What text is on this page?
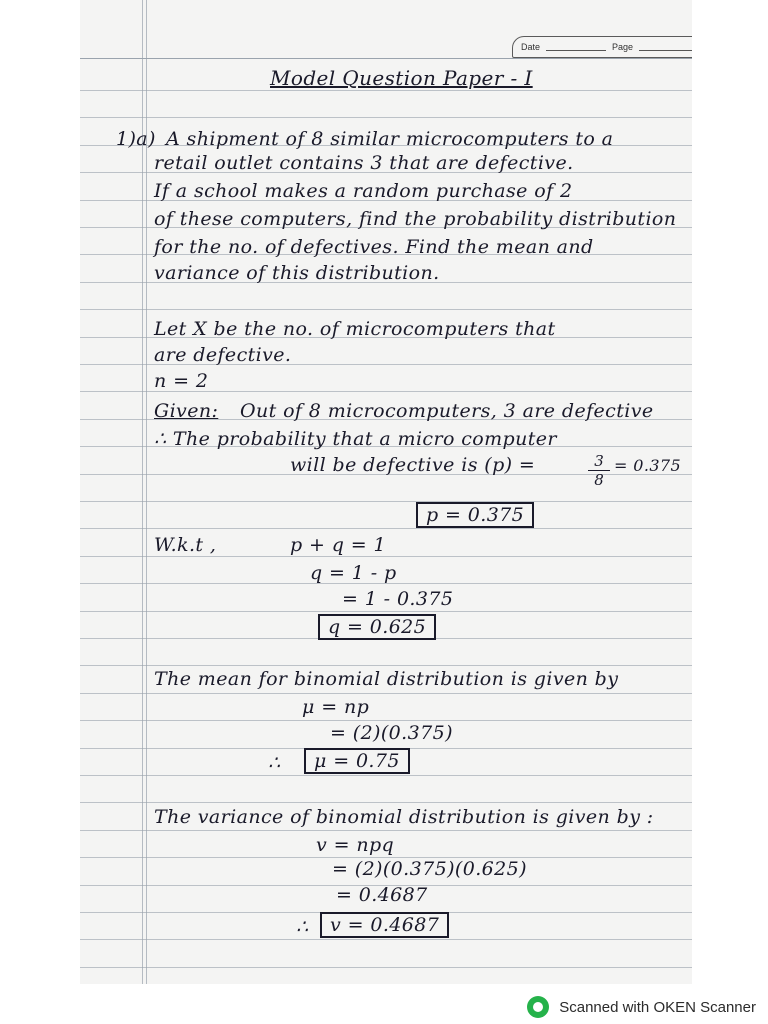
Date	Page
Model Question Paper - I
1)a) A shipment of 8 similar microcomputers to a
retail outlet contains 3 that are defective.
If a school makes a random purchase of 2
of these computers, find the probability distribution
for the no. of defectives. Find the mean and
variance of this distribution.
Let X be the no. of microcomputers that
are defective.
n = 2
Given: Out of 8 microcomputers, 3 are defective
∴ The probability that a micro computer
will be defective is (p) =	$\frac{3}{8} = 0.375$
p = 0.375
W.k.t ,	p + q = 1
q = 1 - p
= 1 - 0.375
q = 0.625
The mean for binomial distribution is given by
μ = np
= (2)(0.375)
∴	μ = 0.75
The variance of binomial distribution is given by :
v = npq
= (2)(0.375)(0.625)
= 0.4687
∴	v = 0.4687
Scanned with OKEN Scanner
